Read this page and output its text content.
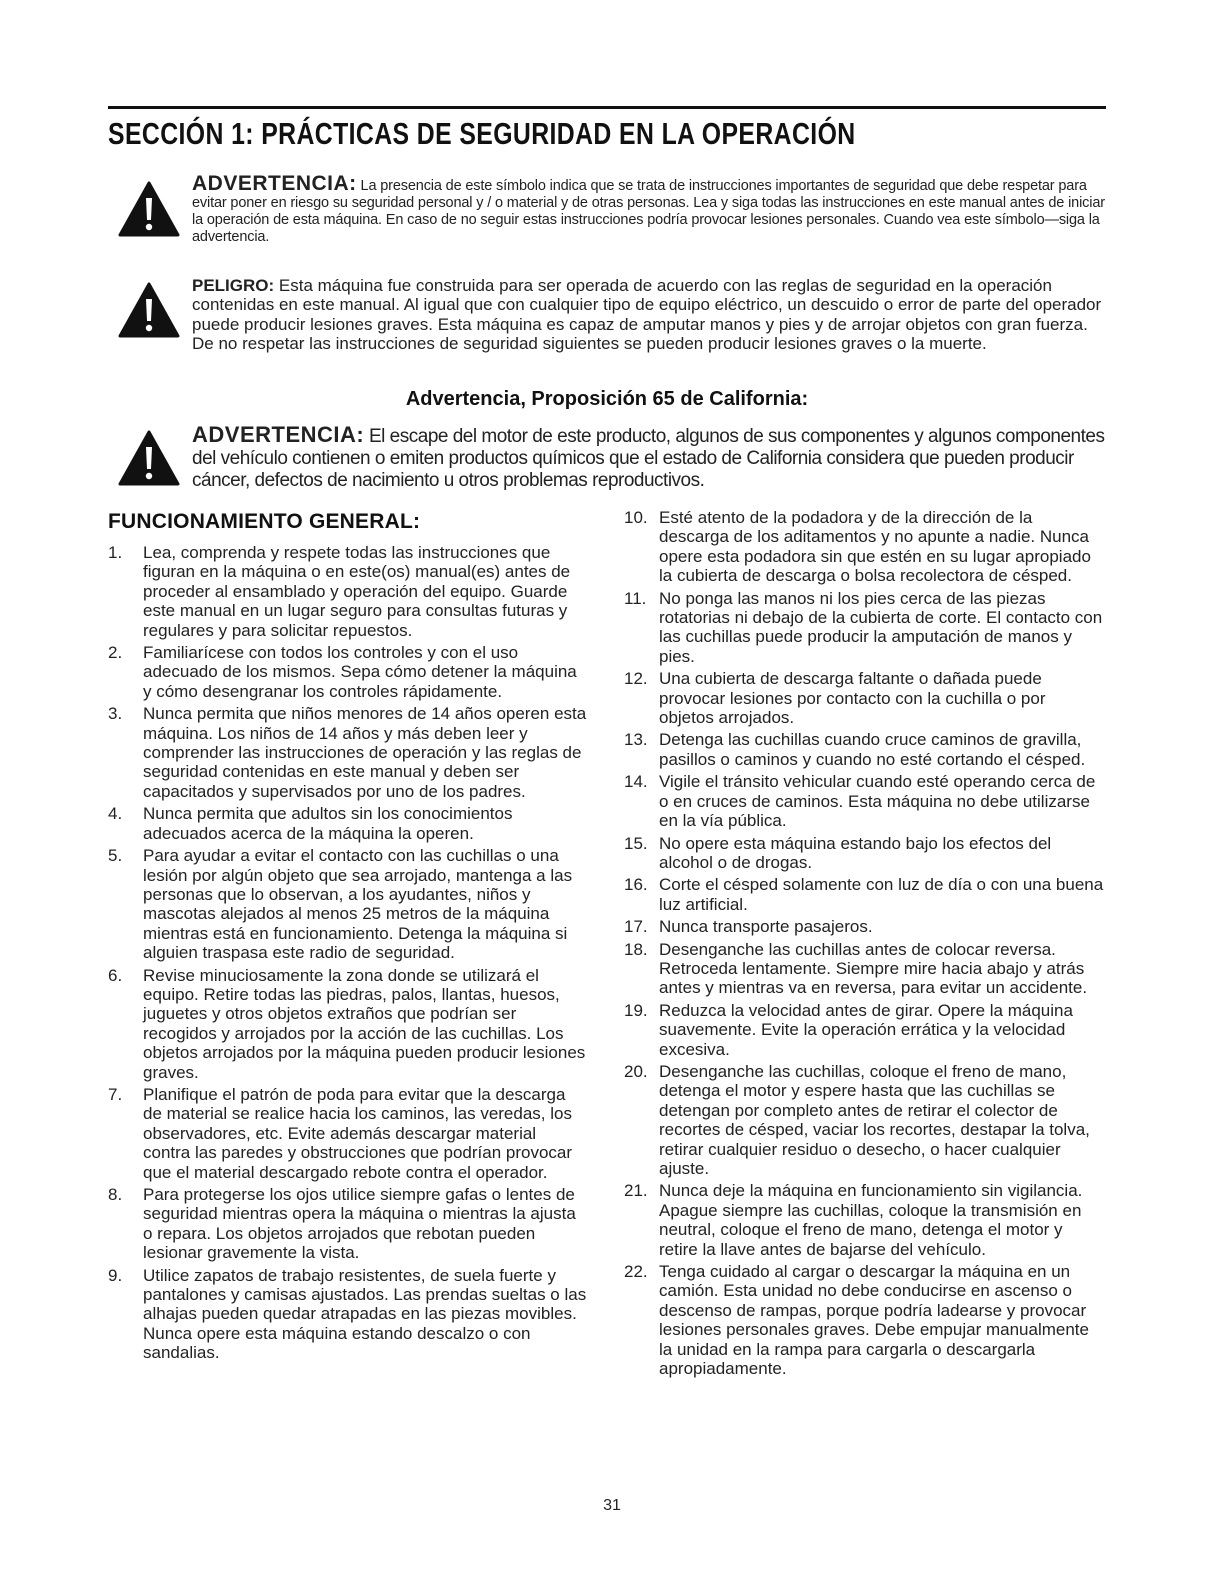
SECCIÓN 1: PRÁCTICAS DE SEGURIDAD EN LA OPERACIÓN
ADVERTENCIA: La presencia de este símbolo indica que se trata de instrucciones importantes de seguridad que debe respetar para evitar poner en riesgo su seguridad personal y / o material y de otras personas. Lea y siga todas las instrucciones en este manual antes de iniciar la operación de esta máquina. En caso de no seguir estas instrucciones podría provocar lesiones personales. Cuando vea este símbolo—siga la advertencia.
PELIGRO: Esta máquina fue construida para ser operada de acuerdo con las reglas de seguridad en la operación contenidas en este manual. Al igual que con cualquier tipo de equipo eléctrico, un descuido o error de parte del operador puede producir lesiones graves. Esta máquina es capaz de amputar manos y pies y de arrojar objetos con gran fuerza. De no respetar las instrucciones de seguridad siguientes se pueden producir lesiones graves o la muerte.
Advertencia, Proposición 65 de California:
ADVERTENCIA: El escape del motor de este producto, algunos de sus componentes y algunos componentes del vehículo contienen o emiten productos químicos que el estado de California considera que pueden producir cáncer, defectos de nacimiento u otros problemas reproductivos.
FUNCIONAMIENTO GENERAL:
1. Lea, comprenda y respete todas las instrucciones que figuran en la máquina o en este(os) manual(es) antes de proceder al ensamblado y operación del equipo. Guarde este manual en un lugar seguro para consultas futuras y regulares y para solicitar repuestos.
2. Familiarícese con todos los controles y con el uso adecuado de los mismos. Sepa cómo detener la máquina y cómo desengranar los controles rápidamente.
3. Nunca permita que niños menores de 14 años operen esta máquina. Los niños de 14 años y más deben leer y comprender las instrucciones de operación y las reglas de seguridad contenidas en este manual y deben ser capacitados y supervisados por uno de los padres.
4. Nunca permita que adultos sin los conocimientos adecuados acerca de la máquina la operen.
5. Para ayudar a evitar el contacto con las cuchillas o una lesión por algún objeto que sea arrojado, mantenga a las personas que lo observan, a los ayudantes, niños y mascotas alejados al menos 25 metros de la máquina mientras está en funcionamiento. Detenga la máquina si alguien traspasa este radio de seguridad.
6. Revise minuciosamente la zona donde se utilizará el equipo. Retire todas las piedras, palos, llantas, huesos, juguetes y otros objetos extraños que podrían ser recogidos y arrojados por la acción de las cuchillas. Los objetos arrojados por la máquina pueden producir lesiones graves.
7. Planifique el patrón de poda para evitar que la descarga de material se realice hacia los caminos, las veredas, los observadores, etc. Evite además descargar material contra las paredes y obstrucciones que podrían provocar que el material descargado rebote contra el operador.
8. Para protegerse los ojos utilice siempre gafas o lentes de seguridad mientras opera la máquina o mientras la ajusta o repara. Los objetos arrojados que rebotan pueden lesionar gravemente la vista.
9. Utilice zapatos de trabajo resistentes, de suela fuerte y pantalones y camisas ajustados. Las prendas sueltas o las alhajas pueden quedar atrapadas en las piezas movibles. Nunca opere esta máquina estando descalzo o con sandalias.
10. Esté atento de la podadora y de la dirección de la descarga de los aditamentos y no apunte a nadie. Nunca opere esta podadora sin que estén en su lugar apropiado la cubierta de descarga o bolsa recolectora de césped.
11. No ponga las manos ni los pies cerca de las piezas rotatorias ni debajo de la cubierta de corte. El contacto con las cuchillas puede producir la amputación de manos y pies.
12. Una cubierta de descarga faltante o dañada puede provocar lesiones por contacto con la cuchilla o por objetos arrojados.
13. Detenga las cuchillas cuando cruce caminos de gravilla, pasillos o caminos y cuando no esté cortando el césped.
14. Vigile el tránsito vehicular cuando esté operando cerca de o en cruces de caminos. Esta máquina no debe utilizarse en la vía pública.
15. No opere esta máquina estando bajo los efectos del alcohol o de drogas.
16. Corte el césped solamente con luz de día o con una buena luz artificial.
17. Nunca transporte pasajeros.
18. Desenganche las cuchillas antes de colocar reversa. Retroceda lentamente. Siempre mire hacia abajo y atrás antes y mientras va en reversa, para evitar un accidente.
19. Reduzca la velocidad antes de girar. Opere la máquina suavemente. Evite la operación errática y la velocidad excesiva.
20. Desenganche las cuchillas, coloque el freno de mano, detenga el motor y espere hasta que las cuchillas se detengan por completo antes de retirar el colector de recortes de césped, vaciar los recortes, destapar la tolva, retirar cualquier residuo o desecho, o hacer cualquier ajuste.
21. Nunca deje la máquina en funcionamiento sin vigilancia. Apague siempre las cuchillas, coloque la transmisión en neutral, coloque el freno de mano, detenga el motor y retire la llave antes de bajarse del vehículo.
22. Tenga cuidado al cargar o descargar la máquina en un camión. Esta unidad no debe conducirse en ascenso o descenso de rampas, porque podría ladearse y provocar lesiones personales graves. Debe empujar manualmente la unidad en la rampa para cargarla o descargarla apropiadamente.
31
